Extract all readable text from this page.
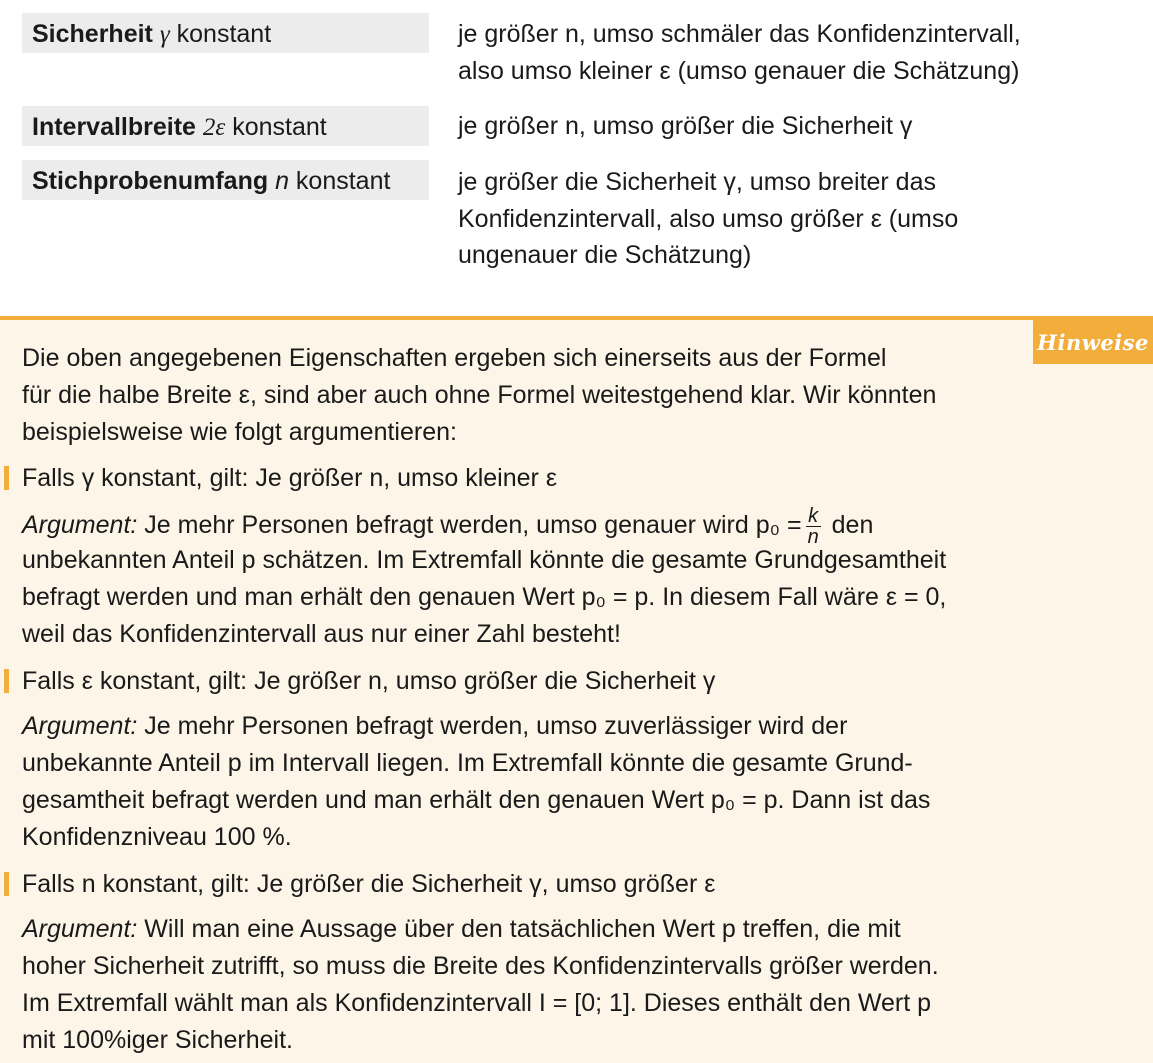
Sicherheit γ konstant	je größer n, umso schmäler das Konfidenzintervall,
also umso kleiner ε (umso genauer die Schätzung)
Intervallbreite 2ε konstant	je größer n, umso größer die Sicherheit γ
Stichprobenumfang n konstant	je größer die Sicherheit γ, umso breiter das
Konfidenzintervall, also umso größer ε (umso
ungenauer die Schätzung)
Hinweise
Die oben angegebenen Eigenschaften ergeben sich einerseits aus der Formel
für die halbe Breite ε, sind aber auch ohne Formel weitestgehend klar. Wir könnten
beispielsweise wie folgt argumentieren:
Falls γ konstant, gilt: Je größer n, umso kleiner ε
Argument: Je mehr Personen befragt werden, umso genauer wird $p_0 = \frac{k}{n}$ den
unbekannten Anteil p schätzen. Im Extremfall könnte die gesamte Grundgesamtheit
befragt werden und man erhält den genauen Wert p₀ = p. In diesem Fall wäre ε = 0,
weil das Konfidenzintervall aus nur einer Zahl besteht!
Falls ε konstant, gilt: Je größer n, umso größer die Sicherheit γ
Argument: Je mehr Personen befragt werden, umso zuverlässiger wird der
unbekannte Anteil p im Intervall liegen. Im Extremfall könnte die gesamte Grund-
gesamtheit befragt werden und man erhält den genauen Wert p₀ = p. Dann ist das
Konfidenzniveau 100 %.
Falls n konstant, gilt: Je größer die Sicherheit γ, umso größer ε
Argument: Will man eine Aussage über den tatsächlichen Wert p treffen, die mit
hoher Sicherheit zutrifft, so muss die Breite des Konfidenzintervalls größer werden.
Im Extremfall wählt man als Konfidenzintervall I = [0; 1]. Dieses enthält den Wert p
mit 100%iger Sicherheit.
